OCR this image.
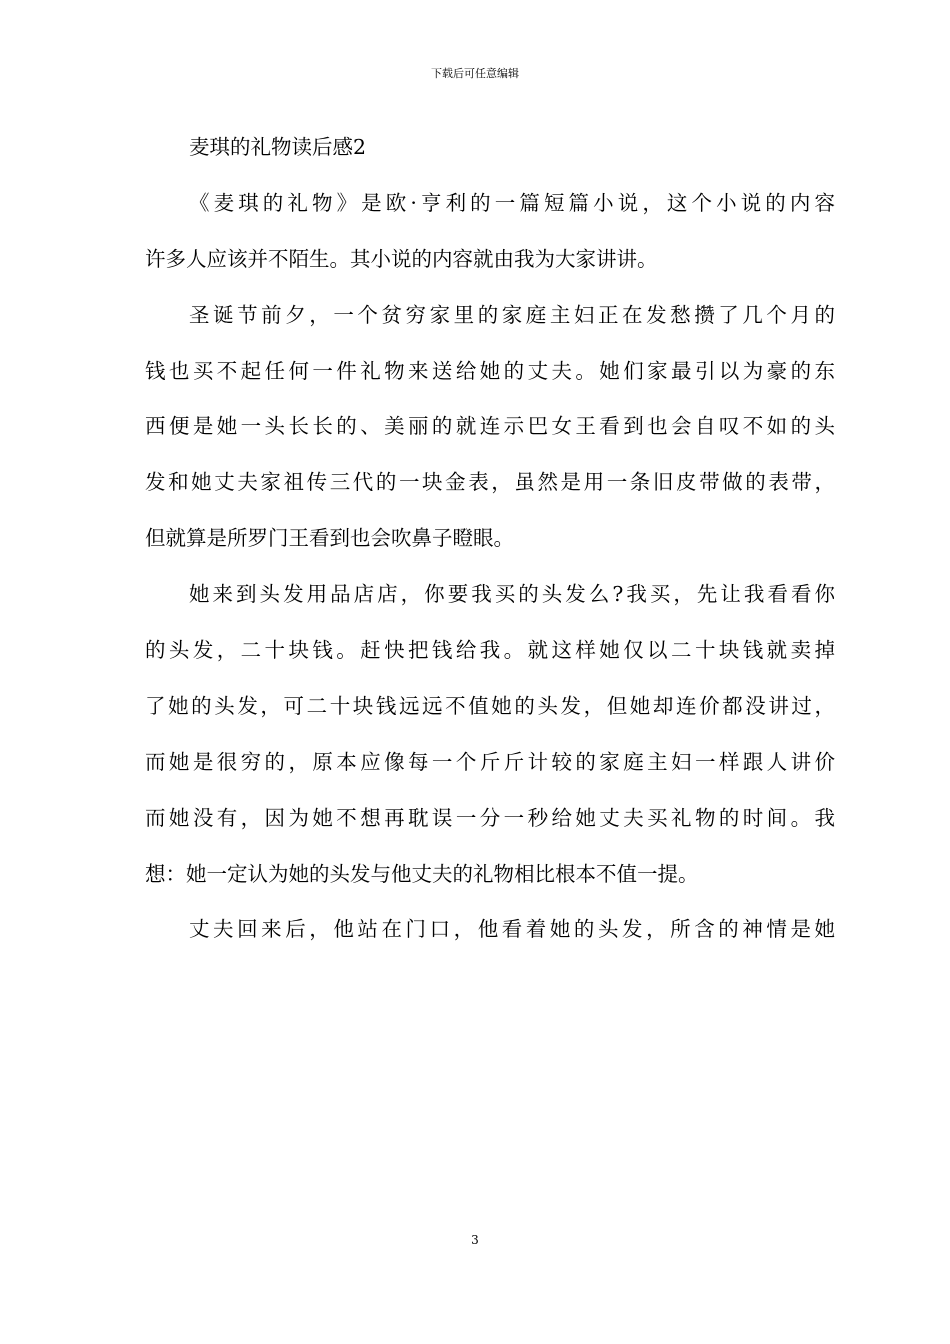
下载后可任意编辑
麦琪的礼物读后感2
《麦琪的礼物》是欧·亨利的一篇短篇小说，这个小说的内容
许多人应该并不陌生。其小说的内容就由我为大家讲讲。
圣诞节前夕，一个贫穷家里的家庭主妇正在发愁攒了几个月的
钱也买不起任何一件礼物来送给她的丈夫。她们家最引以为豪的东
西便是她一头长长的、美丽的就连示巴女王看到也会自叹不如的头
发和她丈夫家祖传三代的一块金表，虽然是用一条旧皮带做的表带，
但就算是所罗门王看到也会吹鼻子瞪眼。
她来到头发用品店店，你要我买的头发么?我买，先让我看看你
的头发，二十块钱。赶快把钱给我。就这样她仅以二十块钱就卖掉
了她的头发，可二十块钱远远不值她的头发，但她却连价都没讲过，
而她是很穷的，原本应像每一个斤斤计较的家庭主妇一样跟人讲价
而她没有，因为她不想再耽误一分一秒给她丈夫买礼物的时间。我
想：她一定认为她的头发与他丈夫的礼物相比根本不值一提。
丈夫回来后，他站在门口，他看着她的头发，所含的神情是她
3
